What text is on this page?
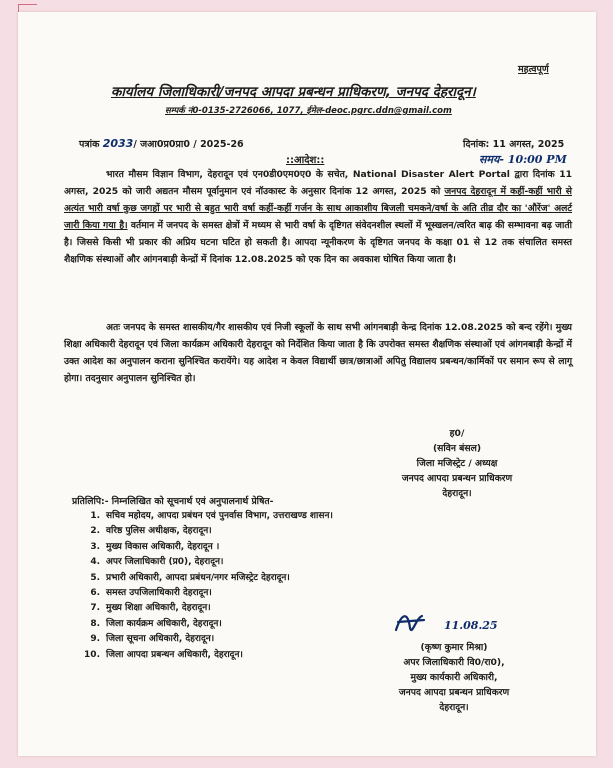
महत्वपूर्ण
कार्यालय जिलाधिकारी/जनपद आपदा प्रबन्धन प्राधिकरण, जनपद देहरादून।
सम्पर्क नं0-0135-2726066, 1077, ईमेल-deoc.pgrc.ddn@gmail.com
पत्रांक 2033/ जआ0प्र0प्रा0 / 2025-26	दिनांक: 11 अगस्त, 2025
::आदेश::	समय- 10:00 PM
भारत मौसम विज्ञान विभाग, देहरादून एवं एन0डी0एम0ए0 के सचेत, National Disaster Alert Portal द्वारा दिनांक 11 अगस्त, 2025 को जारी अद्यतन मौसम पूर्वानुमान एवं नॉउकास्ट के अनुसार दिनांक 12 अगस्त, 2025 को जनपद देहरादून में कहीं-कहीं भारी से अत्यंत भारी वर्षा कुछ जगहों पर भारी से बहुत भारी वर्षा कहीं-कहीं गर्जन के साथ आकाशीय बिजली चमकने/वर्षा के अति तीव्र दौर का 'औरेंज' अलर्ट जारी किया गया है। वर्तमान में जनपद के समस्त क्षेत्रों में मध्यम से भारी वर्षा के दृष्टिगत संवेदनशील स्थलों में भूस्खलन/त्वरित बाढ़ की सम्भावना बढ़ जाती है। जिससे किसी भी प्रकार की अप्रिय घटना घटित हो सकती है। आपदा न्यूनीकरण के दृष्टिगत जनपद के कक्षा 01 से 12 तक संचालित समस्त शैक्षणिक संस्थाओं और आंगनबाड़ी केन्द्रों में दिनांक 12.08.2025 को एक दिन का अवकाश घोषित किया जाता है।
अतः जनपद के समस्त शासकीय/गैर शासकीय एवं निजी स्कूलों के साथ सभी आंगनबाड़ी केन्द्र दिनांक 12.08.2025 को बन्द रहेंगे। मुख्य शिक्षा अधिकारी देहरादून एवं जिला कार्यक्रम अधिकारी देहरादून को निर्देशित किया जाता है कि उपरोक्त समस्त शैक्षणिक संस्थाओं एवं आंगनबाड़ी केन्द्रों में उक्त आदेश का अनुपालन कराना सुनिश्चित करायेंगे। यह आदेश न केवल विद्यार्थी छात्र/छात्राओं अपितु विद्यालय प्रबन्धन/कार्मिकों पर समान रूप से लागू होगा। तदनुसार अनुपालन सुनिश्चित हो।
ह0/
(सविन बंसल)
जिला मजिस्ट्रेट / अध्यक्ष
जनपद आपदा प्रबन्धन प्राधिकरण
देहरादून।
प्रतिलिपि:- निम्नलिखित को सूचनार्थ एवं अनुपालनार्थ प्रेषित-
1. सचिव महोदय, आपदा प्रबंधन एवं पुनर्वास विभाग, उत्तराखण्ड शासन।
2. वरिष्ठ पुलिस अधीक्षक, देहरादून।
3. मुख्य विकास अधिकारी, देहरादून ।
4. अपर जिलाधिकारी (प्र0), देहरादून।
5. प्रभारी अधिकारी, आपदा प्रबंधन/नगर मजिस्ट्रेट देहरादून।
6. समस्त उपजिलाधिकारी देहरादून।
7. मुख्य शिक्षा अधिकारी, देहरादून।
8. जिला कार्यक्रम अधिकारी, देहरादून।
9. जिला सूचना अधिकारी, देहरादून।
10. जिला आपदा प्रबन्धन अधिकारी, देहरादून।
11.08.25
(कृष्ण कुमार मिश्रा)
अपर जिलाधिकारी वि0/रा0),
मुख्य कार्यकारी अधिकारी,
जनपद आपदा प्रबन्धन प्राधिकरण
देहरादून।
